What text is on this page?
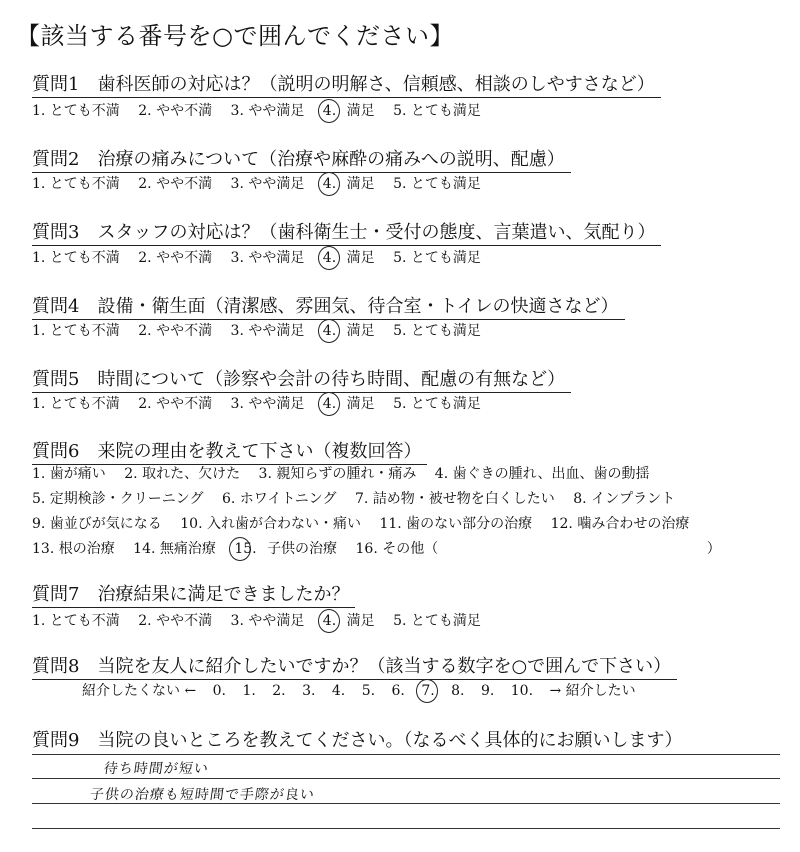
【該当する番号を○で囲んでください】
質問1　歯科医師の対応は？（説明の明解さ、信頼感、相談のしやすさなど）
1. とても不満 2. やや不満 3. やや満足 4. 満足 5. とても満足
質問2　治療の痛みについて（治療や麻酔の痛みへの説明、配慮）
1. とても不満 2. やや不満 3. やや満足 4. 満足 5. とても満足
質問3　スタッフの対応は？（歯科衛生士・受付の態度、言葉遣い、気配り）
1. とても不満 2. やや不満 3. やや満足 4. 満足 5. とても満足
質問4　設備・衛生面（清潔感、雰囲気、待合室・トイレの快適さなど）
1. とても不満 2. やや不満 3. やや満足 4. 満足 5. とても満足
質問5　時間について（診察や会計の待ち時間、配慮の有無など）
1. とても不満 2. やや不満 3. やや満足 4. 満足 5. とても満足
質問6　来院の理由を教えて下さい（複数回答）
1. 歯が痛い 2. 取れた、欠けた 3. 親知らずの腫れ・痛み 4. 歯ぐきの腫れ、出血、歯の動揺
5. 定期検診・クリーニング 6. ホワイトニング 7. 詰め物・被せ物を白くしたい 8. インプラント
9. 歯並びが気になる 10. 入れ歯が合わない・痛い 11. 歯のない部分の治療 12. 噛み合わせの治療
13. 根の治療 14. 無痛治療 15. 子供の治療 16. その他（	）
質問7　治療結果に満足できましたか？
1. とても不満 2. やや不満 3. やや満足 4. 満足 5. とても満足
質問8　当院を友人に紹介したいですか？（該当する数字を○で囲んで下さい）
紹介したくない ← 0. 1. 2. 3. 4. 5. 6. 7. 8. 9. 10. → 紹介したい
質問9　当院の良いところを教えてください。（なるべく具体的にお願いします）
待ち時間が短い
子供の治療も短時間で手際が良い
